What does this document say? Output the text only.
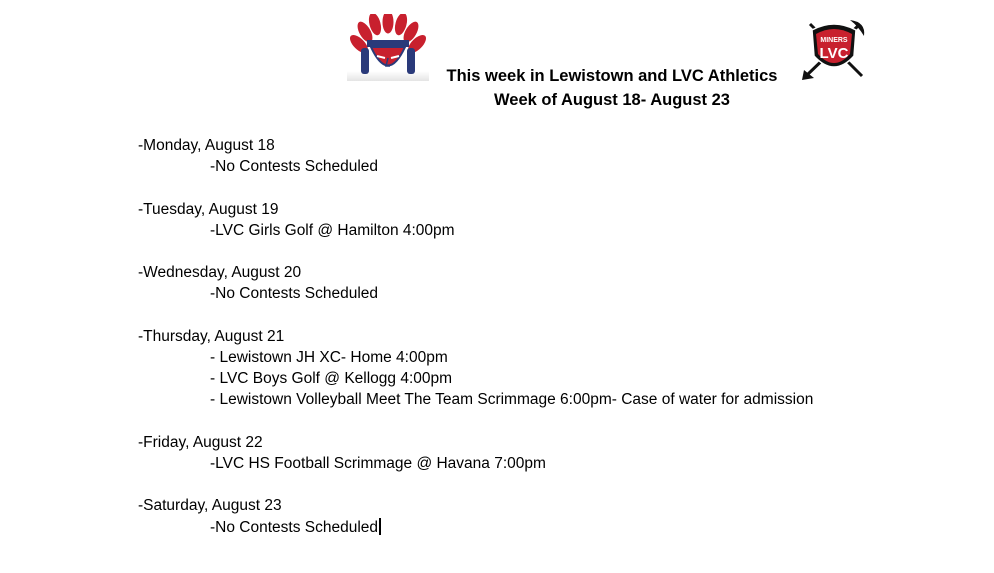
This week in Lewistown and LVC Athletics
Week of August 18- August 23
MINERS
LVC
-Monday, August 18
-No Contests Scheduled
-Tuesday, August 19
-LVC Girls Golf @ Hamilton 4:00pm
-Wednesday, August 20
-No Contests Scheduled
-Thursday, August 21
- Lewistown JH XC- Home 4:00pm
- LVC Boys Golf @ Kellogg 4:00pm
- Lewistown Volleyball Meet The Team Scrimmage 6:00pm- Case of water for admission
-Friday, August 22
-LVC HS Football Scrimmage @ Havana 7:00pm
-Saturday, August 23
-No Contests Scheduled
